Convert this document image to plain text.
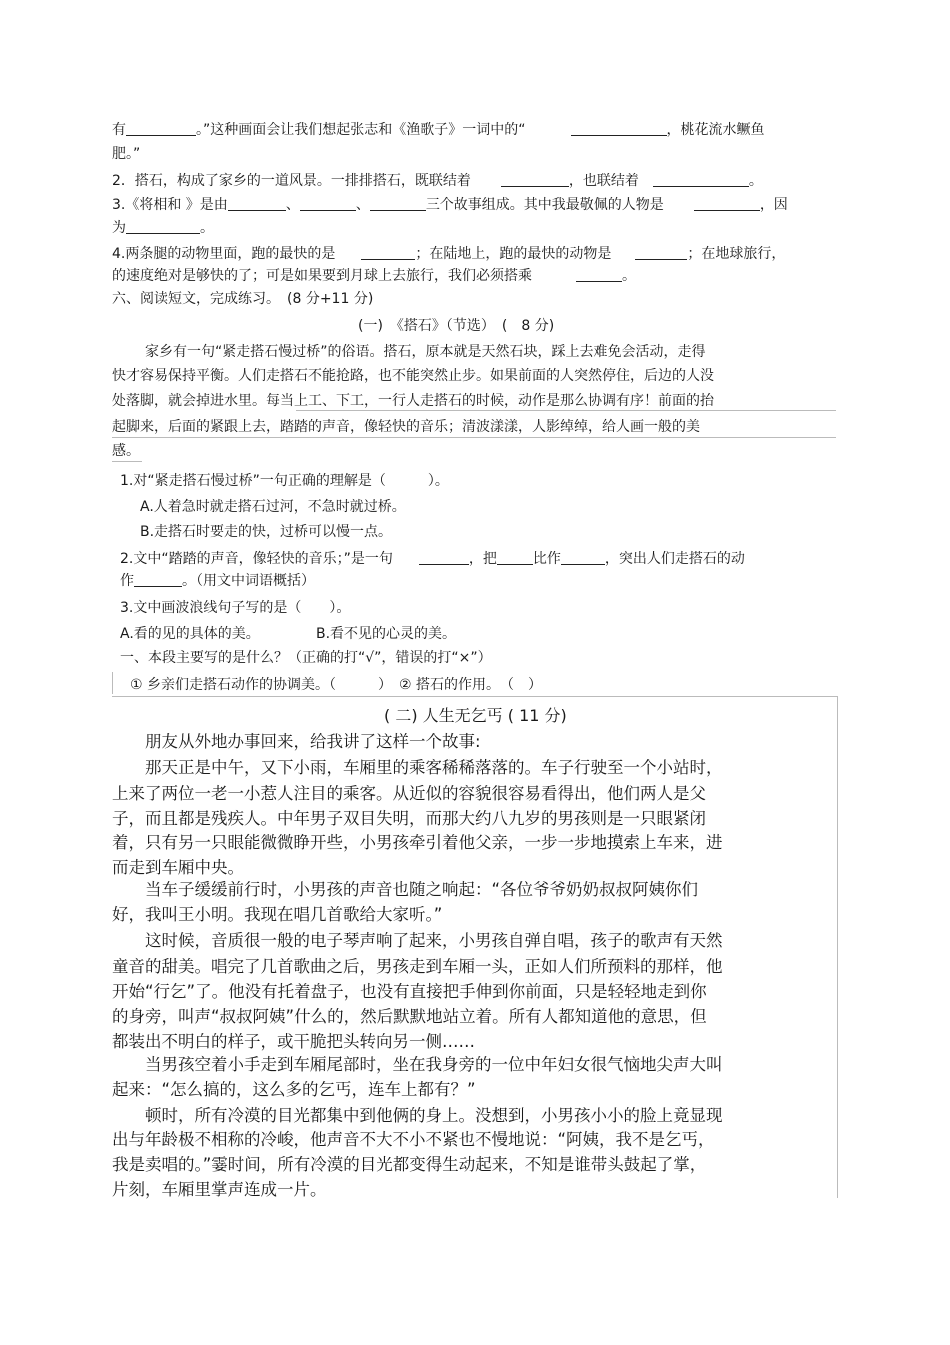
有	。”这种画面会让我们想起张志和《渔歌子》一词中的“	，桃花流水鳜鱼
肥。”
2．搭石，构成了家乡的一道风景。一排排搭石，既联结着	，也联结着	。
3.《将相和 》是由	、	、	三个故事组成。其中我最敬佩的人物是	，因
为	。
4.两条腿的动物里面，跑的最快的是	；在陆地上，跑的最快的动物是	；在地球旅行，
的速度绝对是够快的了；可是如果要到月球上去旅行，我们必须搭乘	。
六、阅读短文，完成练习。　(8 分+11 分)
(一)　《搭石》（节选）　(　8 分)
家乡有一句“紧走搭石慢过桥”的俗语。搭石，原本就是天然石块，踩上去难免会活动，走得
快才容易保持平衡。人们走搭石不能抢路，也不能突然止步。如果前面的人突然停住，后边的人没
处落脚，就会掉进水里。每当上工、下工，一行人走搭石的时候，动作是那么协调有序！前面的抬
起脚来，后面的紧跟上去，踏踏的声音，像轻快的音乐；清波漾漾，人影绰绰，给人画一般的美
感。
1.对“紧走搭石慢过桥”一句正确的理解是（　　　）。
A.人着急时就走搭石过河，不急时就过桥。
B.走搭石时要走的快，过桥可以慢一点。
2.文中“踏踏的声音，像轻快的音乐；”是一句	，把	比作	，突出人们走搭石的动
作	。（用文中词语概括）
3.文中画波浪线句子写的是（　　）。
A.看的见的具体的美。	B.看不见的心灵的美。
一、本段主要写的是什么？（正确的打“√”，错误的打“×”）
① 乡亲们走搭石动作的协调美。（　　　）　② 搭石的作用。　（　）
( 二) 人生无乞丐 ( 11 分)
　　朋友从外地办事回来，给我讲了这样一个故事:
　　那天正是中午，又下小雨，车厢里的乘客稀稀落落的。车子行驶至一个小站时，
上来了两位一老一小惹人注目的乘客。从近似的容貌很容易看得出，他们两人是父
子，而且都是残疾人。中年男子双目失明，而那大约八九岁的男孩则是一只眼紧闭
着，只有另一只眼能微微睁开些，小男孩牵引着他父亲，一步一步地摸索上车来，进
而走到车厢中央。
　　当车子缓缓前行时，小男孩的声音也随之响起：“各位爷爷奶奶叔叔阿姨你们
好，我叫王小明。我现在唱几首歌给大家听。”
　　这时候，音质很一般的电子琴声响了起来，小男孩自弹自唱，孩子的歌声有天然
童音的甜美。唱完了几首歌曲之后，男孩走到车厢一头，正如人们所预料的那样，他
开始“行乞”了。他没有托着盘子，也没有直接把手伸到你前面，只是轻轻地走到你
的身旁，叫声“叔叔阿姨”什么的，然后默默地站立着。所有人都知道他的意思，但
都装出不明白的样子，或干脆把头转向另一侧……
　　当男孩空着小手走到车厢尾部时，坐在我身旁的一位中年妇女很气恼地尖声大叫
起来：“怎么搞的，这么多的乞丐，连车上都有？”
　　顿时，所有冷漠的目光都集中到他俩的身上。没想到，小男孩小小的脸上竟显现
出与年龄极不相称的冷峻，他声音不大不小不紧也不慢地说：“阿姨，我不是乞丐，
我是卖唱的。”霎时间，所有冷漠的目光都变得生动起来，不知是谁带头鼓起了掌，
片刻，车厢里掌声连成一片。
